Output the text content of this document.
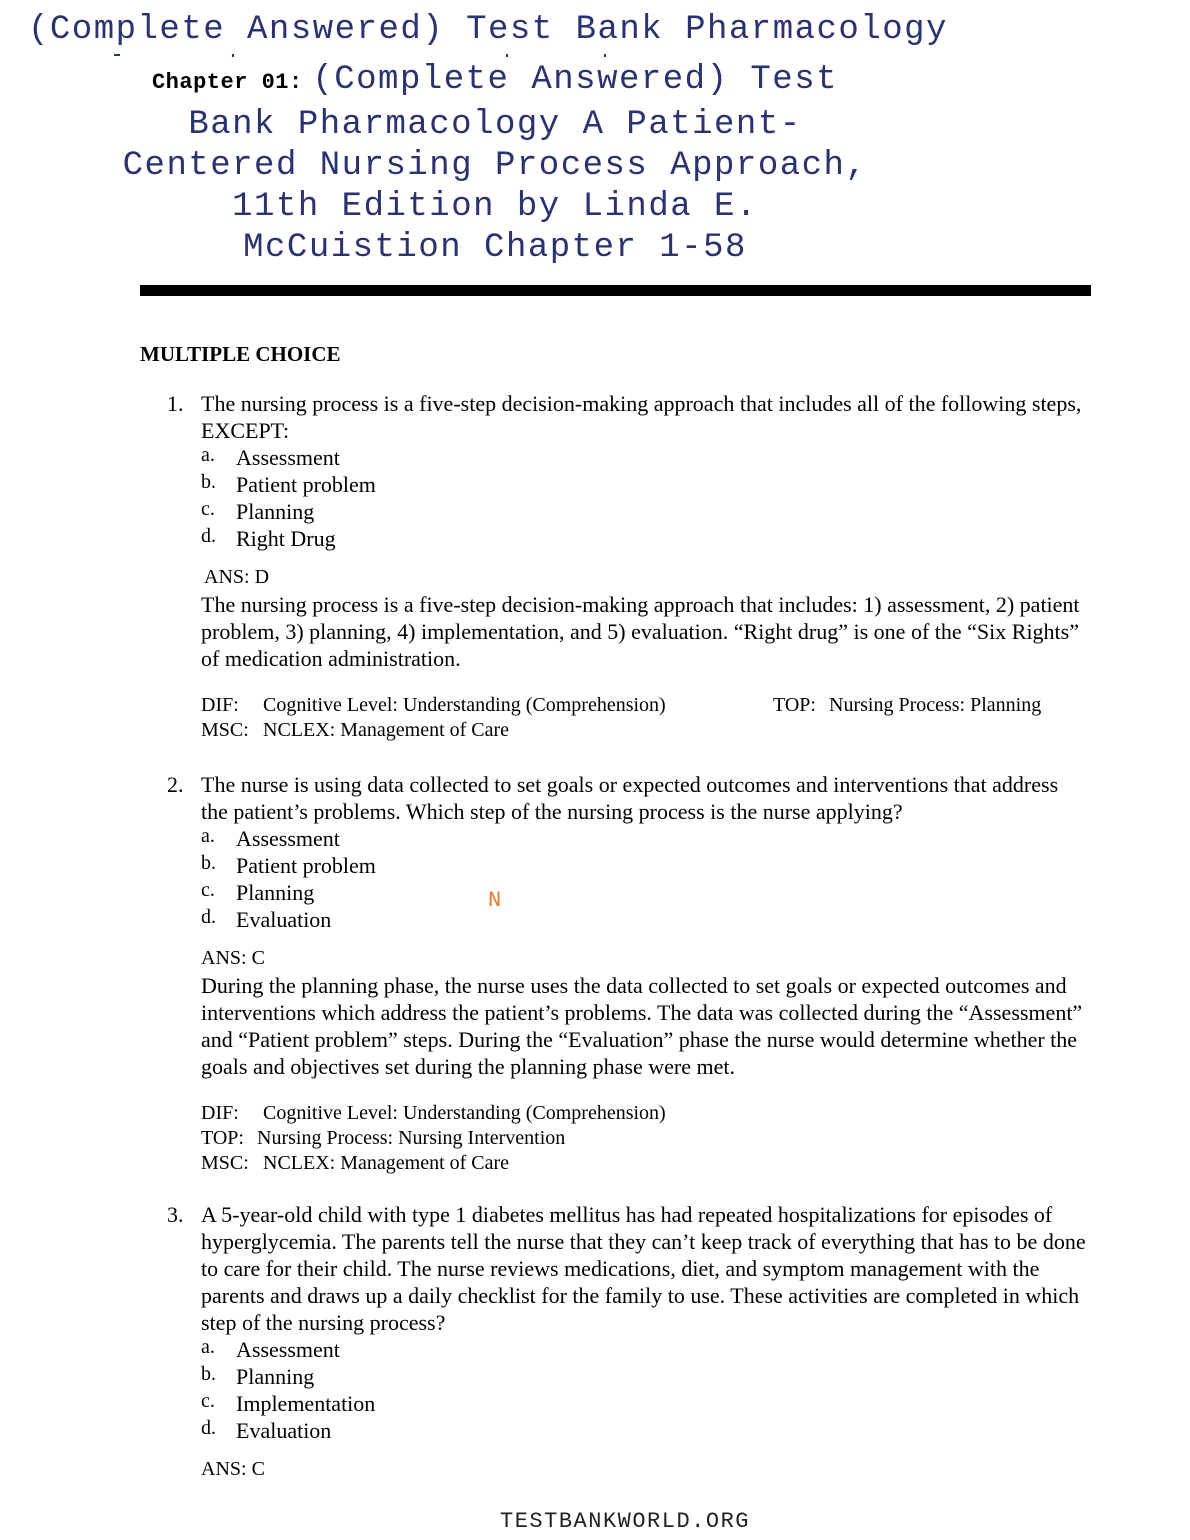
(Complete Answered) Test Bank Pharmacology
Chapter 01: (Complete Answered) Test
Bank Pharmacology A Patient-
Centered Nursing Process Approach,
11th Edition by Linda E.
McCuistion Chapter 1-58
MULTIPLE CHOICE
1. The nursing process is a five-step decision-making approach that includes all of the following steps, EXCEPT:
a. Assessment
b. Patient problem
c. Planning
d. Right Drug
ANS: D
The nursing process is a five-step decision-making approach that includes: 1) assessment, 2) patient problem, 3) planning, 4) implementation, and 5) evaluation. “Right drug” is one of the “Six Rights” of medication administration.
DIF: Cognitive Level: Understanding (Comprehension)	TOP: Nursing Process: Planning
MSC: NCLEX: Management of Care
2. The nurse is using data collected to set goals or expected outcomes and interventions that address the patient’s problems. Which step of the nursing process is the nurse applying?
a. Assessment
b. Patient problem
c. Planning
d. Evaluation
ANS: C
During the planning phase, the nurse uses the data collected to set goals or expected outcomes and interventions which address the patient’s problems. The data was collected during the “Assessment” and “Patient problem” steps. During the “Evaluation” phase the nurse would determine whether the goals and objectives set during the planning phase were met.
DIF: Cognitive Level: Understanding (Comprehension)
TOP: Nursing Process: Nursing Intervention
MSC: NCLEX: Management of Care
N
3. A 5-year-old child with type 1 diabetes mellitus has had repeated hospitalizations for episodes of hyperglycemia. The parents tell the nurse that they can’t keep track of everything that has to be done to care for their child. The nurse reviews medications, diet, and symptom management with the parents and draws up a daily checklist for the family to use. These activities are completed in which step of the nursing process?
a. Assessment
b. Planning
c. Implementation
d. Evaluation
ANS: C
TESTBANKWORLD.ORG
